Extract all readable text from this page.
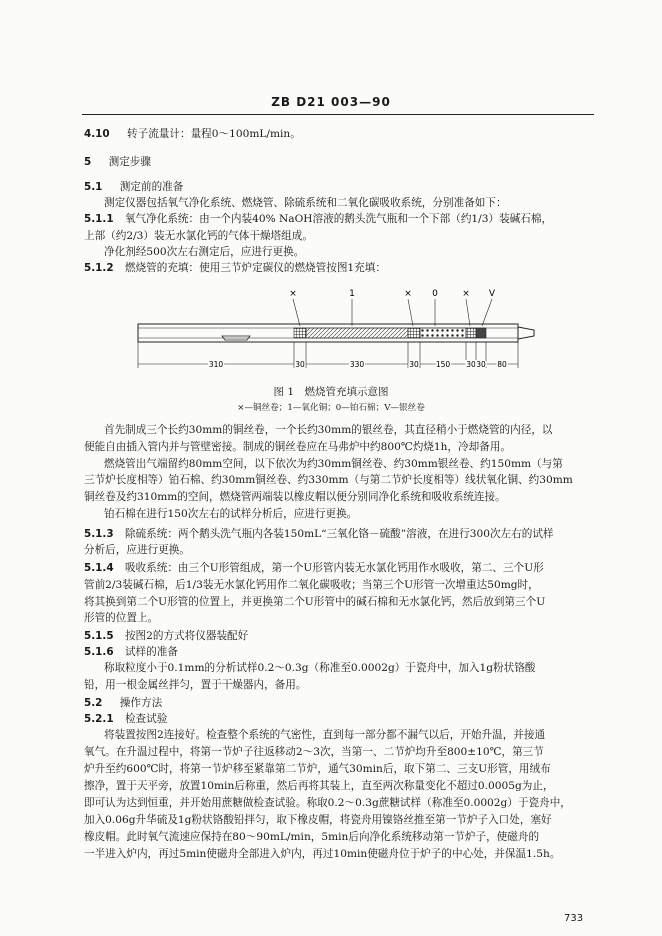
ZB D21 003—90
4.10 转子流量计：量程0～100mL/min。
5 测定步骤
5.1 测定前的准备
测定仪器包括氧气净化系统、燃烧管、除硫系统和二氧化碳吸收系统，分别准备如下：
5.1.1 氧气净化系统：由一个内装40% NaOH溶液的鹅头洗气瓶和一个下部（约1/3）装碱石棉，
上部（约2/3）装无水氯化钙的气体干燥塔组成。
净化剂经500次左右测定后，应进行更换。
5.1.2 燃烧管的充填：使用三节炉定碳仪的燃烧管按图1充填：
×	1	× 0	× V
310	30	330	30 150 30 30 80
图 1　燃烧管充填示意图
×—铜丝卷；1—氧化铜；0—铂石棉；V—银丝卷
首先制成三个长约30mm的铜丝卷，一个长约30mm的银丝卷，其直径稍小于燃烧管的内径，以
便能自由插入管内并与管壁密接。制成的铜丝卷应在马弗炉中约800℃灼烧1h，冷却备用。
燃烧管出气端留约80mm空间，以下依次为约30mm铜丝卷、约30mm银丝卷、约150mm（与第
三节炉长度相等）铂石棉、约30mm铜丝卷、约330mm（与第二节炉长度相等）线状氧化铜、约30mm
铜丝卷及约310mm的空间，燃烧管两端装以橡皮帽以便分别同净化系统和吸收系统连接。
铂石棉在进行150次左右的试样分析后，应进行更换。
5.1.3 除硫系统：两个鹅头洗气瓶内各装150mL“三氧化铬－硫酸”溶液，在进行300次左右的试样
分析后，应进行更换。
5.1.4 吸收系统：由三个U形管组成，第一个U形管内装无水氯化钙用作水吸收，第二、三个U形
管前2/3装碱石棉，后1/3装无水氯化钙用作二氧化碳吸收；当第三个U形管一次增重达50mg时，
将其换到第二个U形管的位置上，并更换第二个U形管中的碱石棉和无水氯化钙，然后放到第三个U
形管的位置上。
5.1.5 按图2的方式将仪器装配好
5.1.6 试样的准备
称取粒度小于0.1mm的分析试样0.2～0.3g（称准至0.0002g）于瓷舟中，加入1g粉状铬酸
铅，用一根金属丝拌匀，置于干燥器内，备用。
5.2 操作方法
5.2.1 检查试验
将装置按图2连接好。检查整个系统的气密性，直到每一部分都不漏气以后，开始升温，并接通
氧气。在升温过程中，将第一节炉子往返移动2～3次，当第一、二节炉均升至800±10℃，第三节
炉升至约600℃时，将第一节炉移至紧靠第二节炉，通气30min后，取下第二、三支U形管，用绒布
擦净，置于天平旁，放置10min后称重，然后再将其装上，直至两次称量变化不超过0.0005g为止，
即可认为达到恒重，并开始用蔗糖做检查试验。称取0.2～0.3g蔗糖试样（称准至0.0002g）于瓷舟中，
加入0.06g升华硫及1g粉状铬酸铅拌匀，取下橡皮帽，将瓷舟用镍铬丝推至第一节炉子入口处，塞好
橡皮帽。此时氧气流速应保持在80～90mL/min，5min后向净化系统移动第一节炉子，使磁舟的
一半进入炉内，再过5min使磁舟全部进入炉内，再过10min使磁舟位于炉子的中心处，并保温1.5h。
733
